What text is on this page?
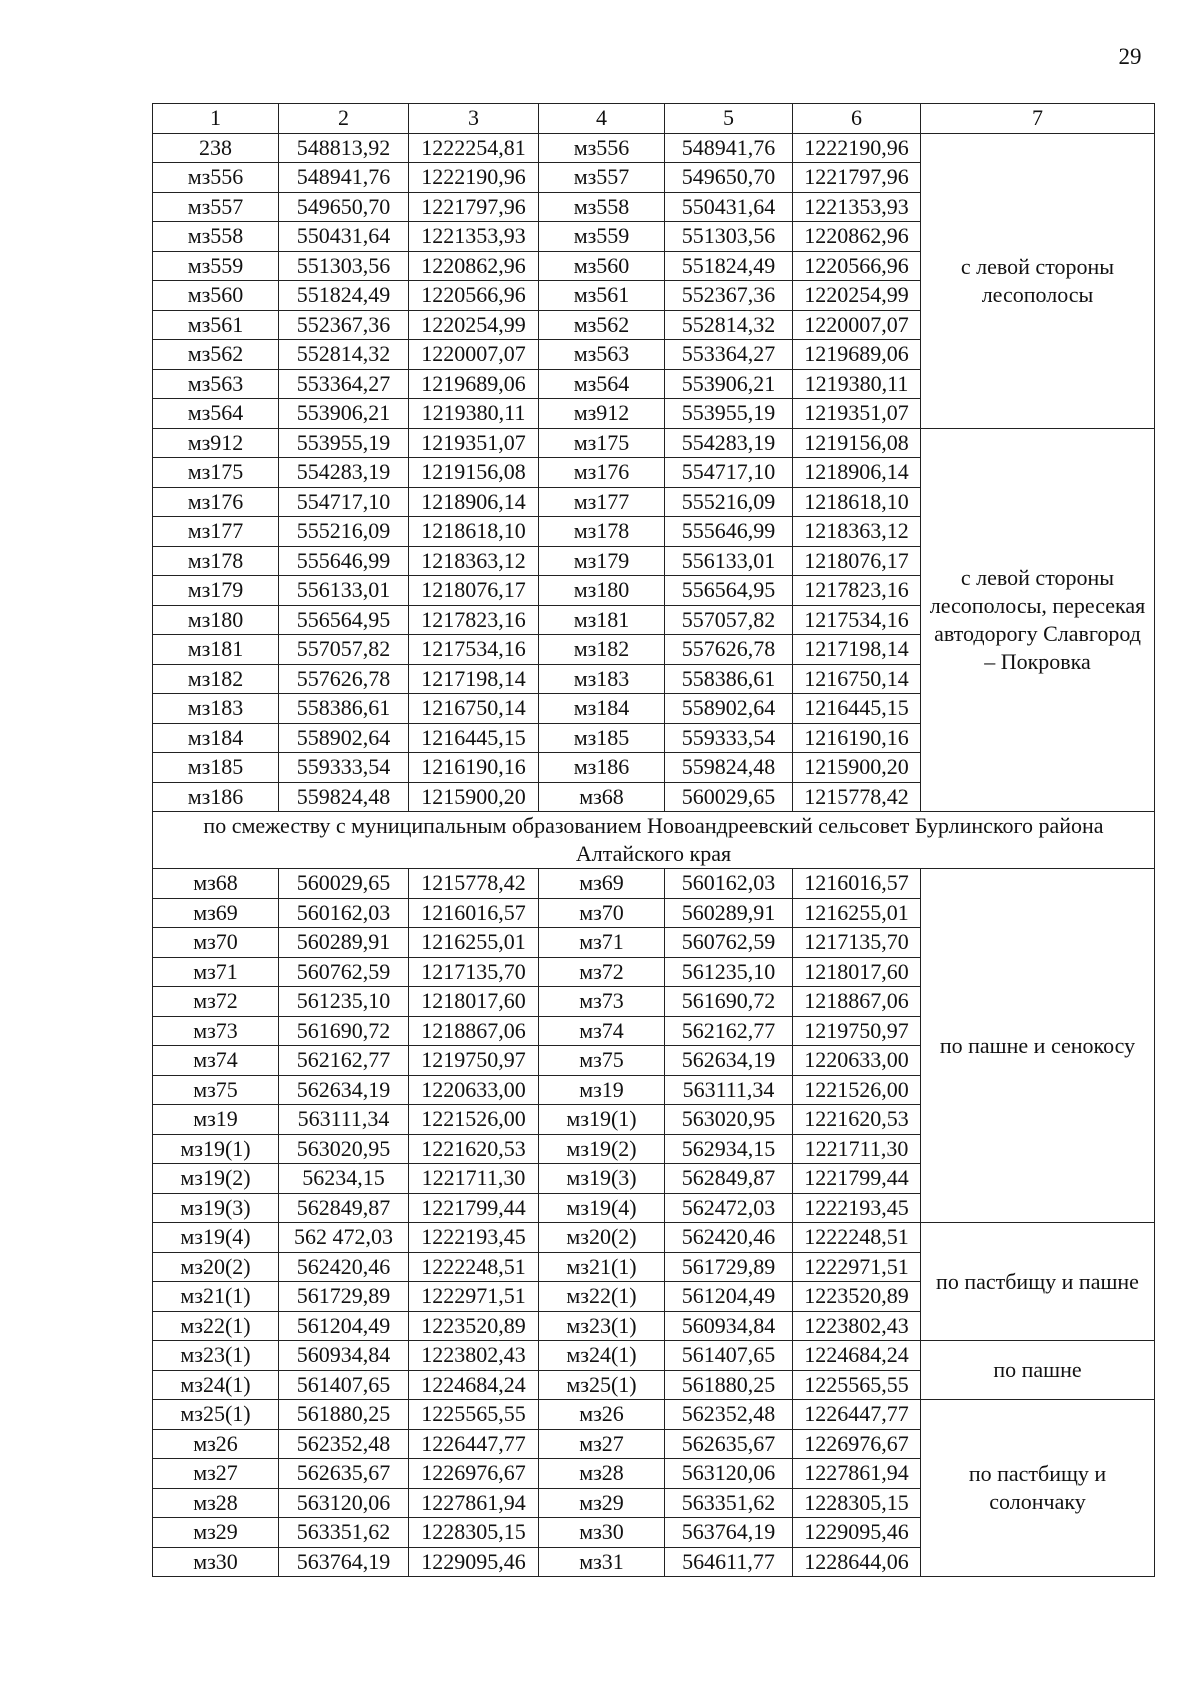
29
1	2	3	4	5	6	7
238	548813,92	1222254,81	мз556	548941,76	1222190,96	с левой стороны лесополосы
мз556	548941,76	1222190,96	мз557	549650,70	1221797,96	
мз557	549650,70	1221797,96	мз558	550431,64	1221353,93	
мз558	550431,64	1221353,93	мз559	551303,56	1220862,96	
мз559	551303,56	1220862,96	мз560	551824,49	1220566,96	
мз560	551824,49	1220566,96	мз561	552367,36	1220254,99	
мз561	552367,36	1220254,99	мз562	552814,32	1220007,07	
мз562	552814,32	1220007,07	мз563	553364,27	1219689,06	
мз563	553364,27	1219689,06	мз564	553906,21	1219380,11	
мз564	553906,21	1219380,11	мз912	553955,19	1219351,07	
мз912	553955,19	1219351,07	мз175	554283,19	1219156,08	с левой стороны лесополосы, пересекая автодорогу Славгород – Покровка
мз175	554283,19	1219156,08	мз176	554717,10	1218906,14	
мз176	554717,10	1218906,14	мз177	555216,09	1218618,10	
мз177	555216,09	1218618,10	мз178	555646,99	1218363,12	
мз178	555646,99	1218363,12	мз179	556133,01	1218076,17	
мз179	556133,01	1218076,17	мз180	556564,95	1217823,16	
мз180	556564,95	1217823,16	мз181	557057,82	1217534,16	
мз181	557057,82	1217534,16	мз182	557626,78	1217198,14	
мз182	557626,78	1217198,14	мз183	558386,61	1216750,14	
мз183	558386,61	1216750,14	мз184	558902,64	1216445,15	
мз184	558902,64	1216445,15	мз185	559333,54	1216190,16	
мз185	559333,54	1216190,16	мз186	559824,48	1215900,20	
мз186	559824,48	1215900,20	мз68	560029,65	1215778,42	
по смежеству с муниципальным образованием Новоандреевский сельсовет Бурлинского района Алтайского края						
мз68	560029,65	1215778,42	мз69	560162,03	1216016,57	по пашне и сенокосу
мз69	560162,03	1216016,57	мз70	560289,91	1216255,01	
мз70	560289,91	1216255,01	мз71	560762,59	1217135,70	
мз71	560762,59	1217135,70	мз72	561235,10	1218017,60	
мз72	561235,10	1218017,60	мз73	561690,72	1218867,06	
мз73	561690,72	1218867,06	мз74	562162,77	1219750,97	
мз74	562162,77	1219750,97	мз75	562634,19	1220633,00	
мз75	562634,19	1220633,00	мз19	563111,34	1221526,00	
мз19	563111,34	1221526,00	мз19(1)	563020,95	1221620,53	
мз19(1)	563020,95	1221620,53	мз19(2)	562934,15	1221711,30	
мз19(2)	56234,15	1221711,30	мз19(3)	562849,87	1221799,44	
мз19(3)	562849,87	1221799,44	мз19(4)	562472,03	1222193,45	
мз19(4)	562 472,03	1222193,45	мз20(2)	562420,46	1222248,51	по пастбищу и пашне
мз20(2)	562420,46	1222248,51	мз21(1)	561729,89	1222971,51	
мз21(1)	561729,89	1222971,51	мз22(1)	561204,49	1223520,89	
мз22(1)	561204,49	1223520,89	мз23(1)	560934,84	1223802,43	
мз23(1)	560934,84	1223802,43	мз24(1)	561407,65	1224684,24	по пашне
мз24(1)	561407,65	1224684,24	мз25(1)	561880,25	1225565,55	
мз25(1)	561880,25	1225565,55	мз26	562352,48	1226447,77	по пастбищу и солончаку
мз26	562352,48	1226447,77	мз27	562635,67	1226976,67	
мз27	562635,67	1226976,67	мз28	563120,06	1227861,94	
мз28	563120,06	1227861,94	мз29	563351,62	1228305,15	
мз29	563351,62	1228305,15	мз30	563764,19	1229095,46	
мз30	563764,19	1229095,46	мз31	564611,77	1228644,06	
